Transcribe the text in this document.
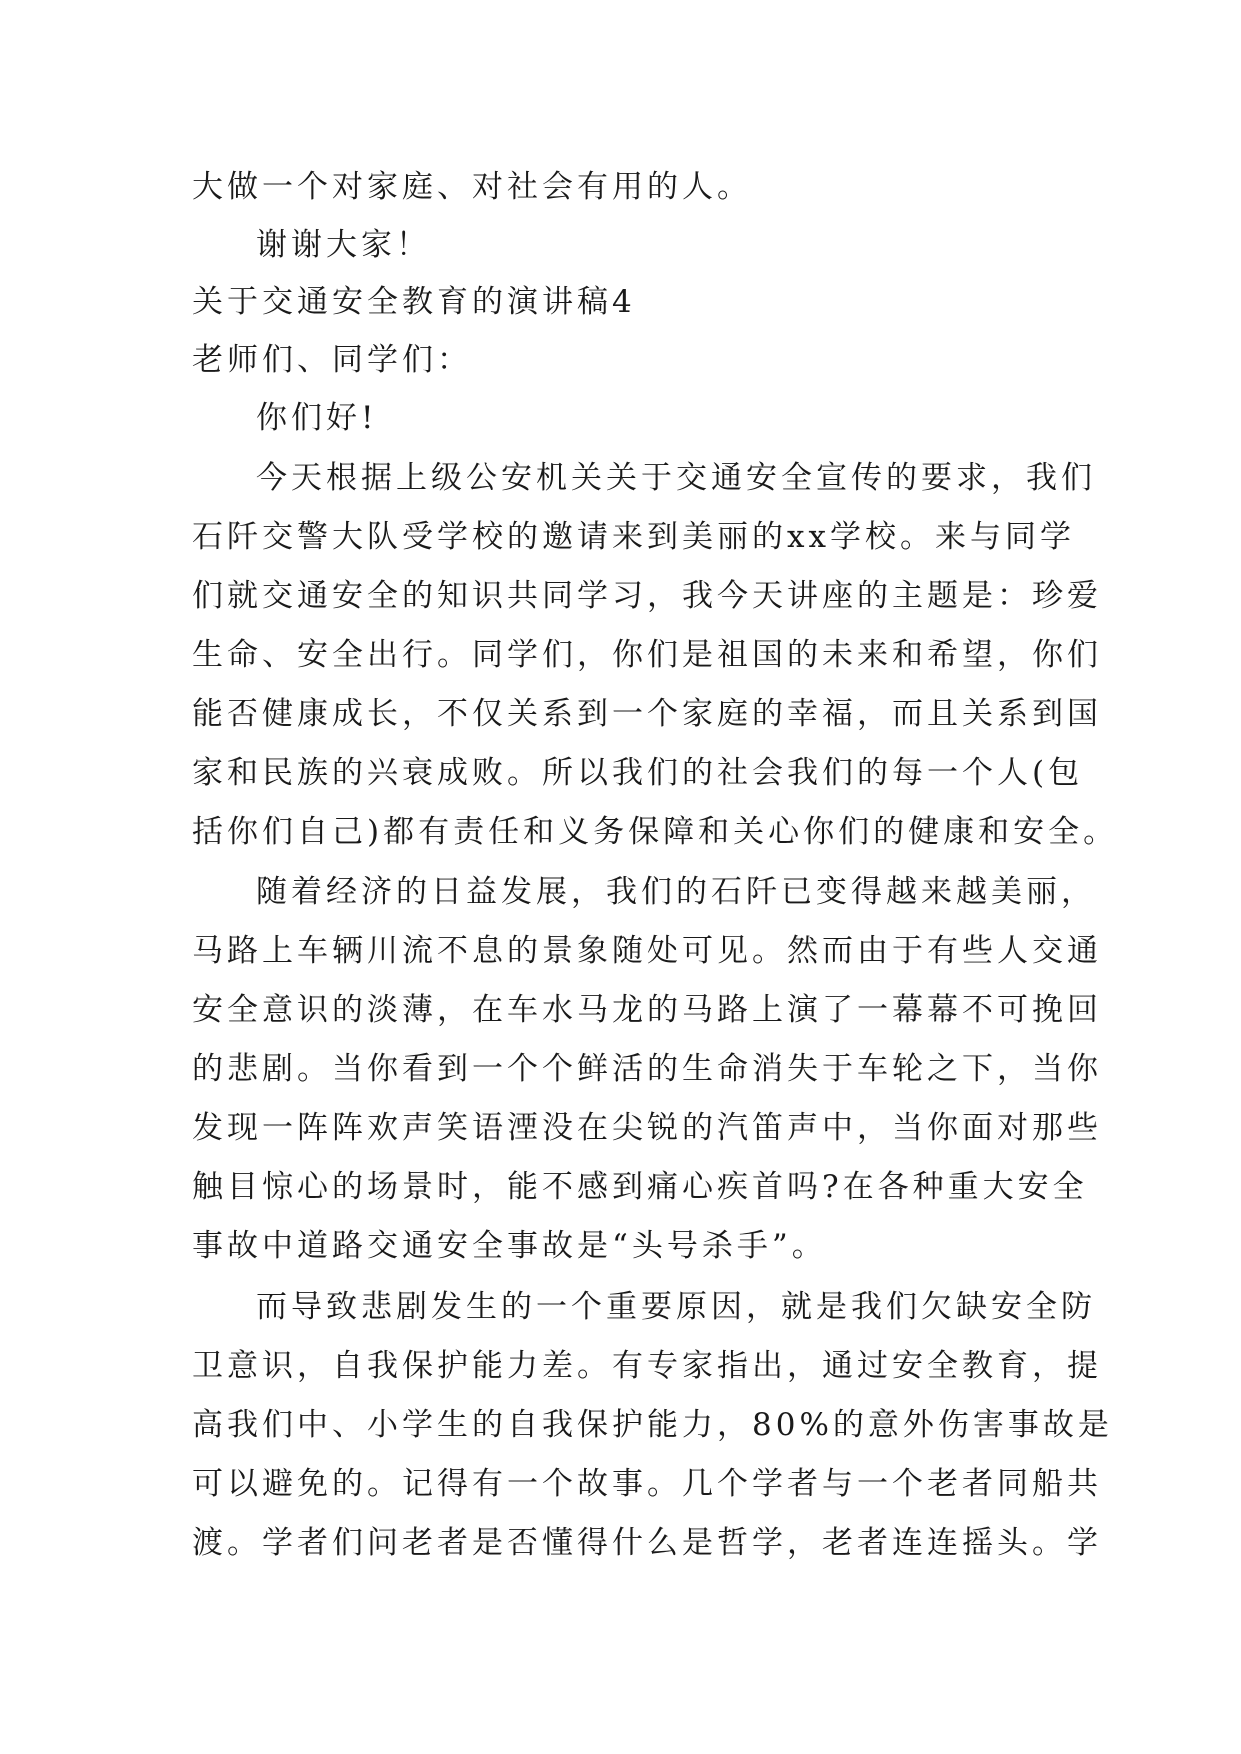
大做一个对家庭、对社会有用的人。
谢谢大家！
关于交通安全教育的演讲稿4
老师们、同学们：
你们好!
今天根据上级公安机关关于交通安全宣传的要求，我们
石阡交警大队受学校的邀请来到美丽的xx学校。来与同学
们就交通安全的知识共同学习，我今天讲座的主题是：珍爱
生命、安全出行。同学们，你们是祖国的未来和希望，你们
能否健康成长，不仅关系到一个家庭的幸福，而且关系到国
家和民族的兴衰成败。所以我们的社会我们的每一个人(包
括你们自己)都有责任和义务保障和关心你们的健康和安全。
随着经济的日益发展，我们的石阡已变得越来越美丽，
马路上车辆川流不息的景象随处可见。然而由于有些人交通
安全意识的淡薄，在车水马龙的马路上演了一幕幕不可挽回
的悲剧。当你看到一个个鲜活的生命消失于车轮之下，当你
发现一阵阵欢声笑语湮没在尖锐的汽笛声中，当你面对那些
触目惊心的场景时，能不感到痛心疾首吗?在各种重大安全
事故中道路交通安全事故是“头号杀手”。
而导致悲剧发生的一个重要原因，就是我们欠缺安全防
卫意识，自我保护能力差。有专家指出，通过安全教育，提
高我们中、小学生的自我保护能力，80%的意外伤害事故是
可以避免的。记得有一个故事。几个学者与一个老者同船共
渡。学者们问老者是否懂得什么是哲学，老者连连摇头。学
